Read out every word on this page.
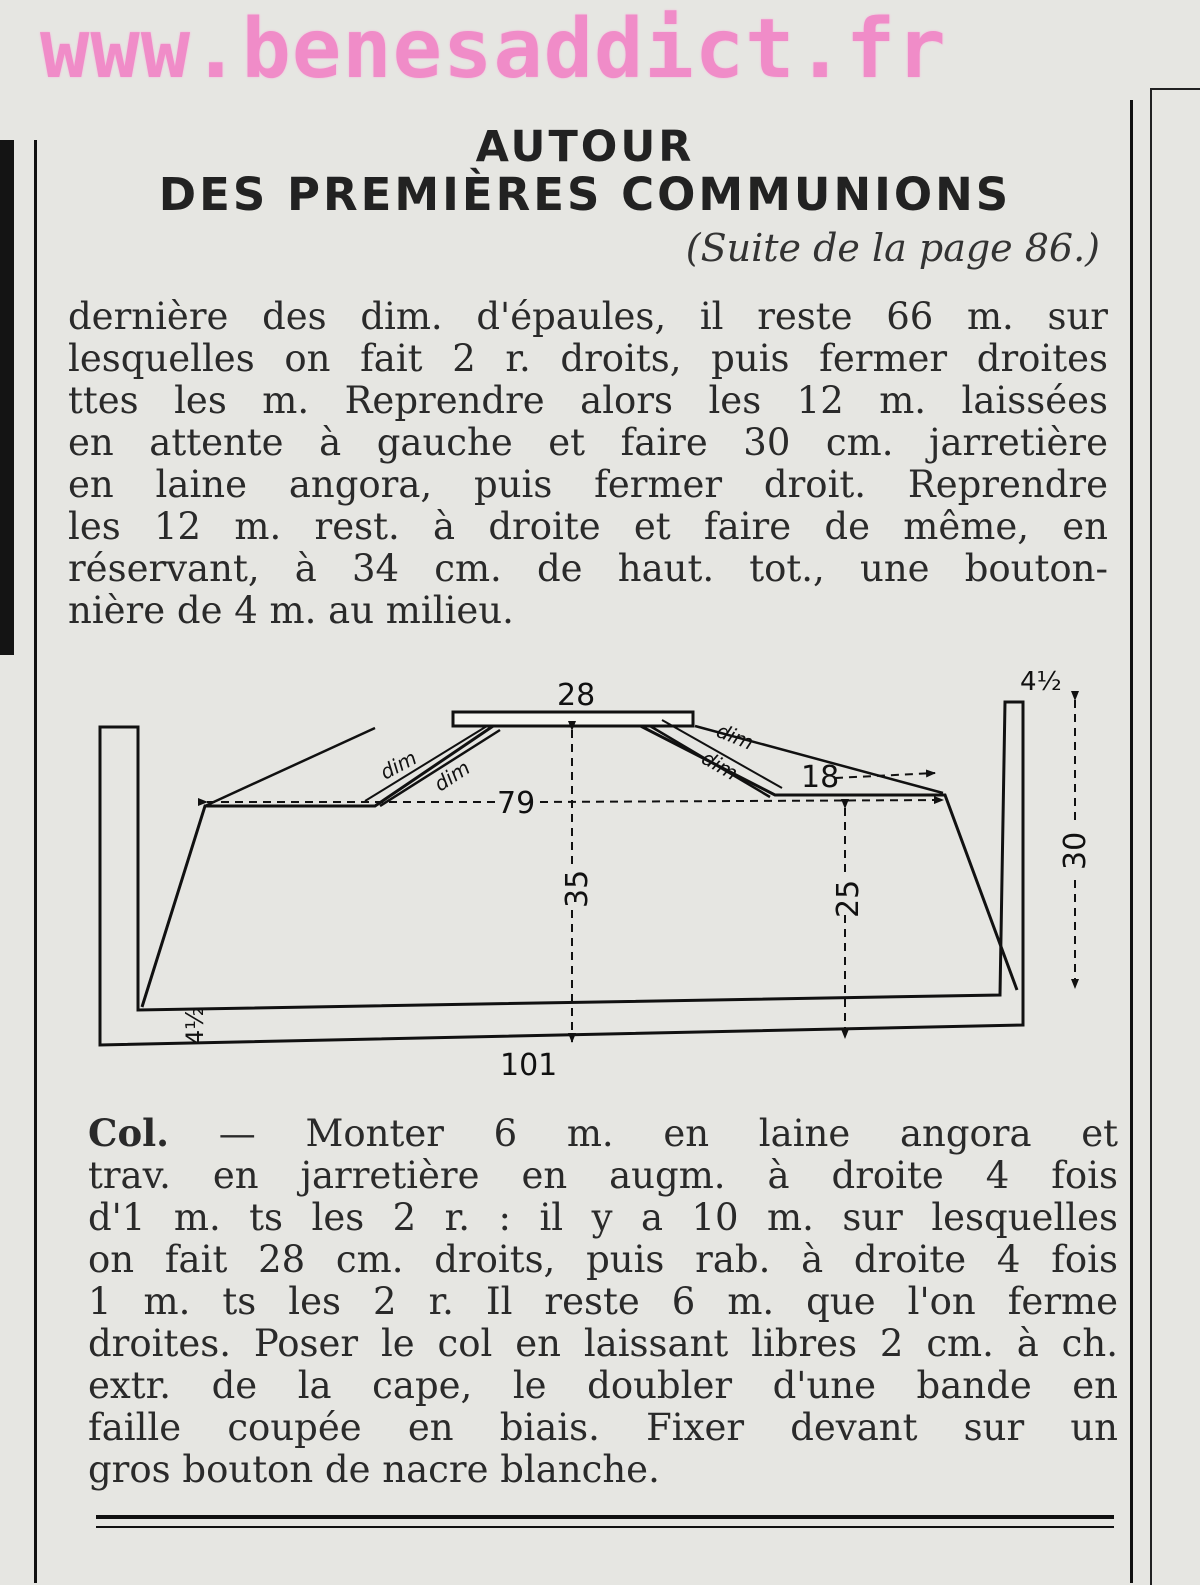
www.benesaddict.fr
AUTOUR
DES PREMIÈRES COMMUNIONS
(Suite de la page 86.)
dernière des dim. d'épaules, il reste 66 m. sur
lesquelles on fait 2 r. droits, puis fermer droites
ttes les m. Reprendre alors les 12 m. laissées
en attente à gauche et faire 30 cm. jarretière
en laine angora, puis fermer droit. Reprendre
les 12 m. rest. à droite et faire de même, en
réservant, à 34 cm. de haut. tot., une bouton-
nière de 4 m. au milieu.
28	4½
79
18
101
35	25
30
4½
dim dim	dim
dim
Col. — Monter 6 m. en laine angora et
trav. en jarretière en augm. à droite 4 fois
d'1 m. ts les 2 r. : il y a 10 m. sur lesquelles
on fait 28 cm. droits, puis rab. à droite 4 fois
1 m. ts les 2 r. Il reste 6 m. que l'on ferme
droites. Poser le col en laissant libres 2 cm. à ch.
extr. de la cape, le doubler d'une bande en
faille coupée en biais. Fixer devant sur un
gros bouton de nacre blanche.
